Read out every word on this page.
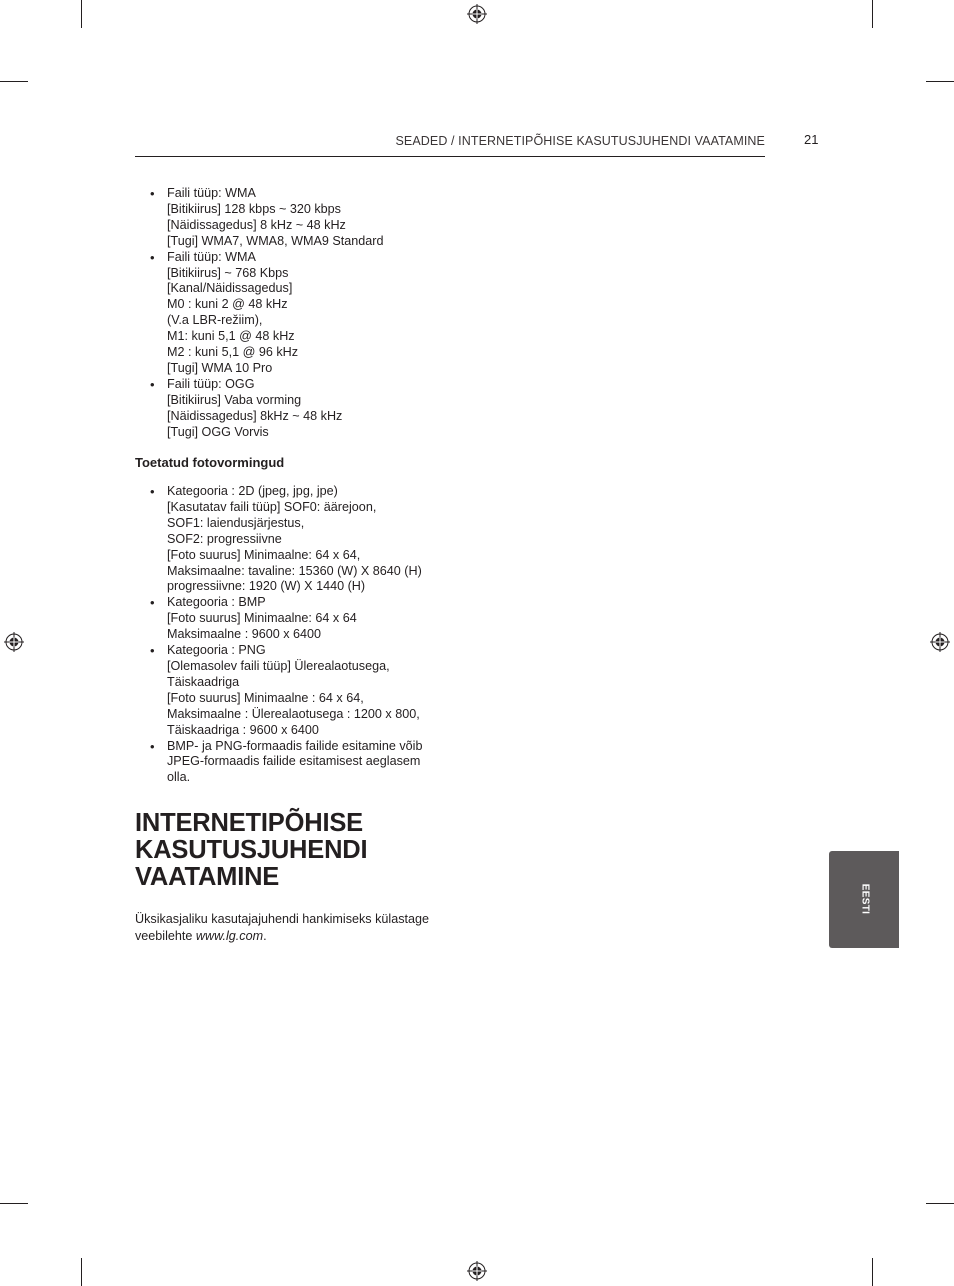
SEADED / INTERNETIPÕHISE KASUTUSJUHENDI VAATAMINE	21
• Faili tüüp: WMA
[Bitikiirus] 128 kbps ~ 320 kbps
[Näidissagedus] 8 kHz ~ 48 kHz
[Tugi] WMA7, WMA8, WMA9 Standard
• Faili tüüp: WMA
[Bitikiirus] ~ 768 Kbps
[Kanal/Näidissagedus]
M0 : kuni 2 @ 48 kHz
(V.a LBR-režiim),
M1: kuni 5,1 @ 48 kHz
M2 : kuni 5,1 @ 96 kHz
[Tugi] WMA 10 Pro
• Faili tüüp: OGG
[Bitikiirus] Vaba vorming
[Näidissagedus] 8kHz ~ 48 kHz
[Tugi] OGG Vorvis
Toetatud fotovormingud
• Kategooria : 2D (jpeg, jpg, jpe)
[Kasutatav faili tüüp] SOF0: äärejoon,
SOF1: laiendusjärjestus,
SOF2: progressiivne
[Foto suurus] Minimaalne: 64 x 64,
Maksimaalne: tavaline: 15360 (W) X 8640 (H)
progressiivne: 1920 (W) X 1440 (H)
• Kategooria : BMP
[Foto suurus] Minimaalne: 64 x 64
Maksimaalne : 9600 x 6400
• Kategooria : PNG
[Olemasolev faili tüüp] Ülerealaotusega,
Täiskaadriga
[Foto suurus] Minimaalne : 64 x 64,
Maksimaalne : Ülerealaotusega : 1200 x 800,
Täiskaadriga : 9600 x 6400
• BMP- ja PNG-formaadis failide esitamine võib
JPEG-formaadis failide esitamisest aeglasem
olla.
INTERNETIPÕHISE
KASUTUSJUHENDI
VAATAMINE
Üksikasjaliku kasutajajuhendi hankimiseks külastage
veebilehte www.lg.com.
EESTI
